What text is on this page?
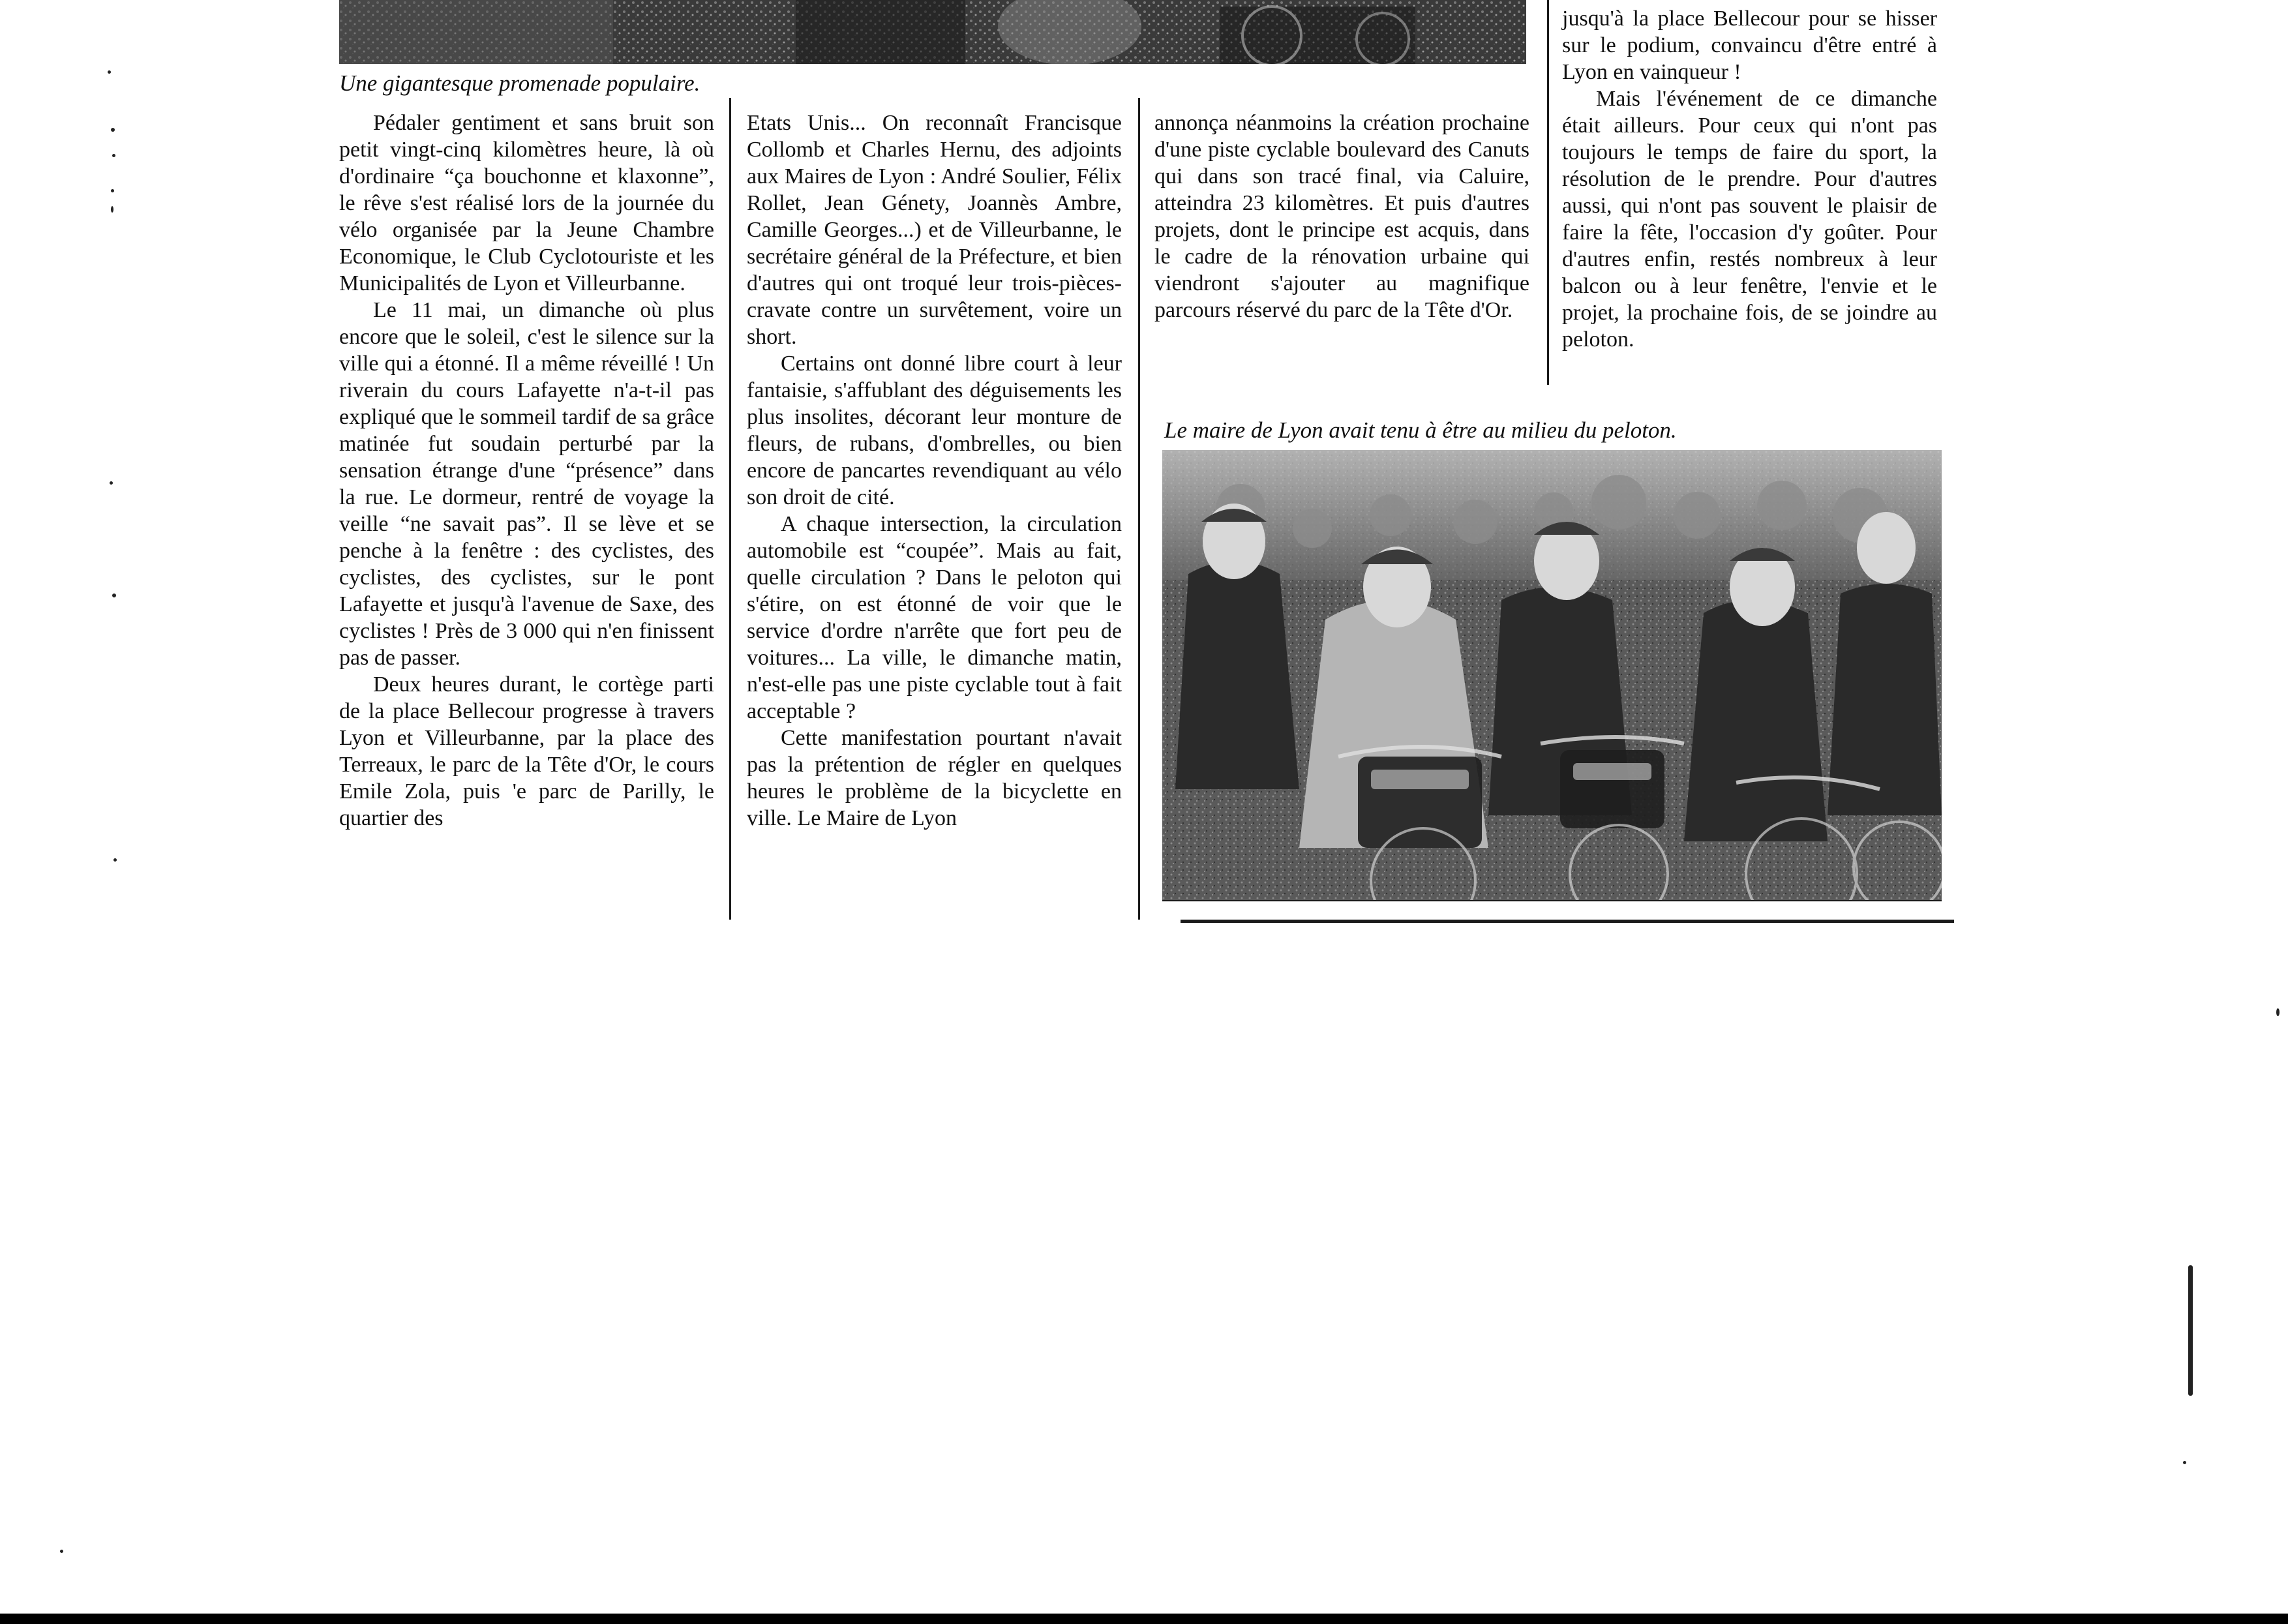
Une gigantesque promenade populaire.

Pédaler gentiment et sans bruit son petit vingt-cinq kilomètres heure, là où d'ordinaire “ça bouchonne et klaxonne”, le rêve s'est réalisé lors de la journée du vélo organisée par la Jeune Chambre Economique, le Club Cyclotouriste et les Municipalités de Lyon et Villeurbanne.

Le 11 mai, un dimanche où plus encore que le soleil, c'est le silence sur la ville qui a étonné. Il a même réveillé ! Un riverain du cours Lafayette n'a-t-il pas expliqué que le sommeil tardif de sa grâce matinée fut soudain perturbé par la sensation étrange d'une “présence” dans la rue. Le dormeur, rentré de voyage la veille “ne savait pas”. Il se lève et se penche à la fenêtre : des cyclistes, des cyclistes, des cyclistes, sur le pont Lafayette et jusqu'à l'avenue de Saxe, des cyclistes ! Près de 3 000 qui n'en finissent pas de passer.

Deux heures durant, le cortège parti de la place Bellecour progresse à travers Lyon et Villeurbanne, par la place des Terreaux, le parc de la Tête d'Or, le cours Emile Zola, puis 'e parc de Parilly, le quartier des

Etats Unis... On reconnaît Francisque Collomb et Charles Hernu, des adjoints aux Maires de Lyon : André Soulier, Félix Rollet, Jean Génety, Joannès Ambre, Camille Georges...) et de Villeurbanne, le secrétaire général de la Préfecture, et bien d'autres qui ont troqué leur trois-pièces-cravate contre un survêtement, voire un short.

Certains ont donné libre court à leur fantaisie, s'affublant des déguisements les plus insolites, décorant leur monture de fleurs, de rubans, d'ombrelles, ou bien encore de pancartes revendiquant au vélo son droit de cité.

A chaque intersection, la circulation automobile est “coupée”. Mais au fait, quelle circulation ? Dans le peloton qui s'étire, on est étonné de voir que le service d'ordre n'arrête que fort peu de voitures... La ville, le dimanche matin, n'est-elle pas une piste cyclable tout à fait acceptable ?

Cette manifestation pourtant n'avait pas la prétention de régler en quelques heures le problème de la bicyclette en ville. Le Maire de Lyon

annonça néanmoins la création prochaine d'une piste cyclable boulevard des Canuts qui dans son tracé final, via Caluire, atteindra 23 kilomètres. Et puis d'autres projets, dont le principe est acquis, dans le cadre de la rénovation urbaine qui viendront s'ajouter au magnifique parcours réservé du parc de la Tête d'Or.

jusqu'à la place Bellecour pour se hisser sur le podium, convaincu d'être entré à Lyon en vainqueur !

Mais l'événement de ce dimanche était ailleurs. Pour ceux qui n'ont pas toujours le temps de faire du sport, la résolution de le prendre. Pour d'autres aussi, qui n'ont pas souvent le plaisir de faire la fête, l'occasion d'y goûter. Pour d'autres enfin, restés nombreux à leur balcon ou à leur fenêtre, l'envie et le projet, la prochaine fois, de se joindre au peloton.

Le maire de Lyon avait tenu à être au milieu du peloton.
